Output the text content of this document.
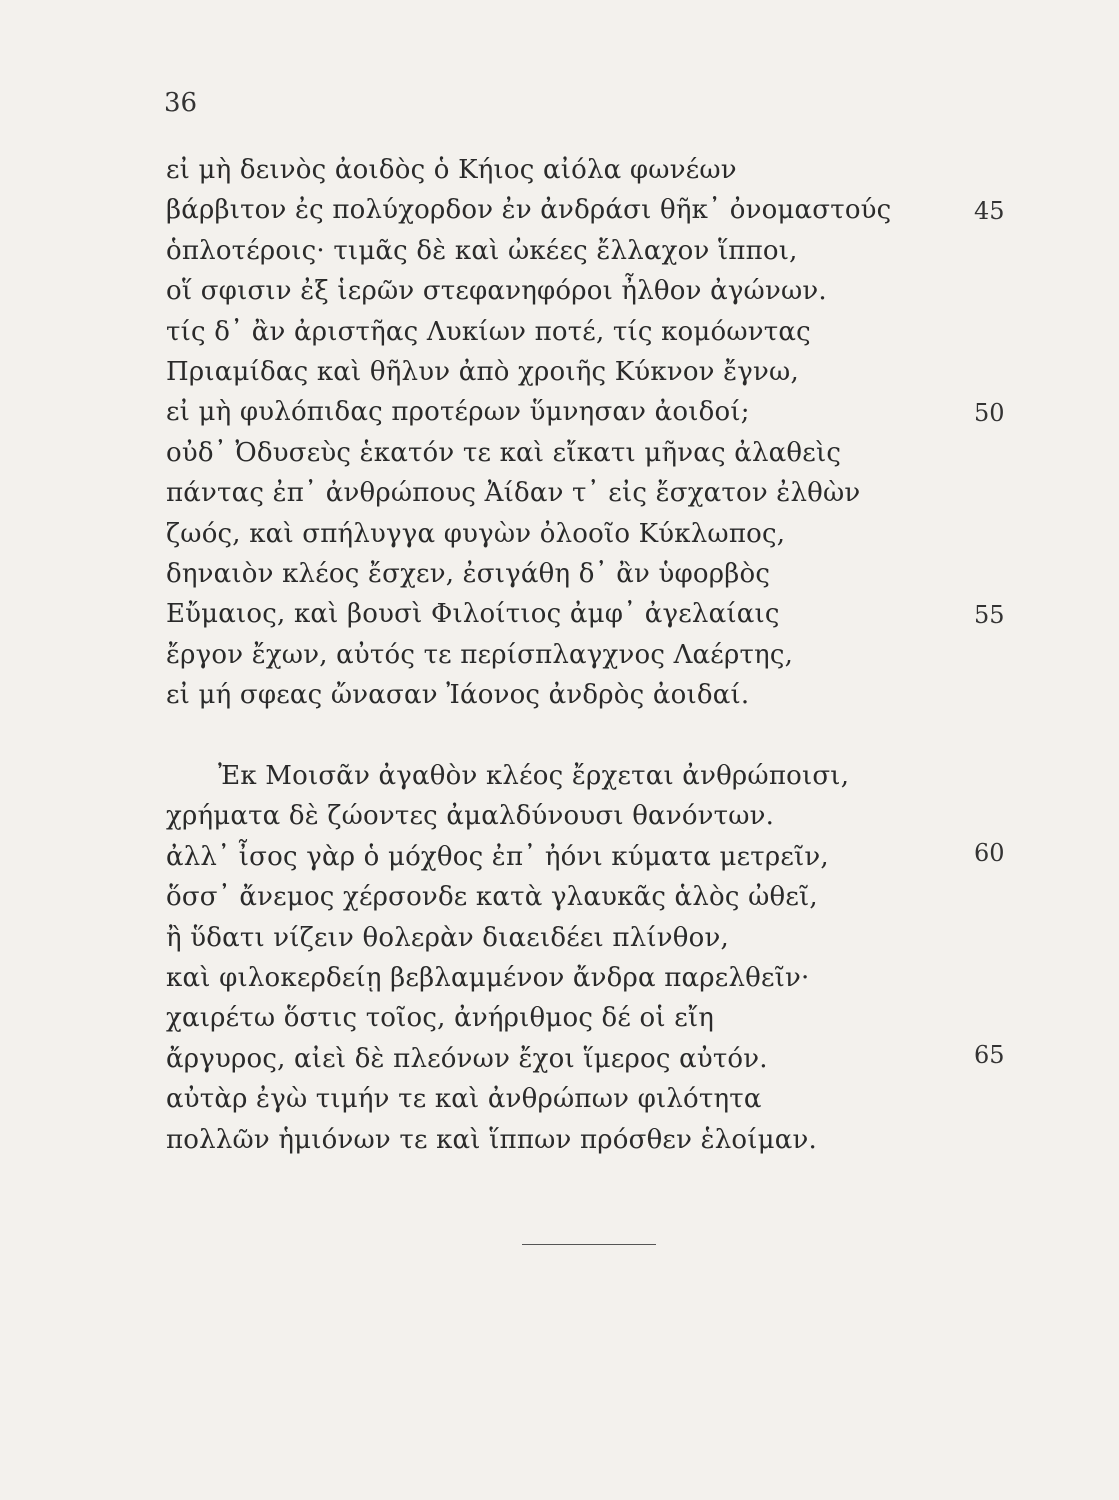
36
εἰ μὴ δεινὸς ἀοιδὸς ὁ Κήιος αἰόλα φωνέων
βάρβιτον ἐς πολύχορδον ἐν ἀνδράσι θῆκ᾽ ὀνομαστούς
ὁπλοτέροις· τιμᾶς δὲ καὶ ὠκέες ἔλλαχον ἵπποι,
οἵ σφισιν ἐξ ἱερῶν στεφανηφόροι ἦλθον ἀγώνων.
τίς δ᾽ ἂν ἀριστῆας Λυκίων ποτέ, τίς κομόωντας
Πριαμίδας καὶ θῆλυν ἀπὸ χροιῆς Κύκνον ἔγνω,
εἰ μὴ φυλόπιδας προτέρων ὕμνησαν ἀοιδοί;
οὐδ᾽ Ὀδυσεὺς ἑκατόν τε καὶ εἴκατι μῆνας ἀλαθεὶς
πάντας ἐπ᾽ ἀνθρώπους Ἀίδαν τ᾽ εἰς ἔσχατον ἐλθὼν
ζωός, καὶ σπήλυγγα φυγὼν ὀλοοῖο Κύκλωπος,
δηναιὸν κλέος ἔσχεν, ἐσιγάθη δ᾽ ἂν ὑφορβὸς
Εὔμαιος, καὶ βουσὶ Φιλοίτιος ἀμφ᾽ ἀγελαίαις
ἔργον ἔχων, αὐτός τε περίσπλαγχνος Λαέρτης,
εἰ μή σφεας ὤνασαν Ἰάονος ἀνδρὸς ἀοιδαί.
Ἐκ Μοισᾶν ἀγαθὸν κλέος ἔρχεται ἀνθρώποισι,
χρήματα δὲ ζώοντες ἀμαλδύνουσι θανόντων.
ἀλλ᾽ ἶσος γὰρ ὁ μόχθος ἐπ᾽ ἠόνι κύματα μετρεῖν,
ὅσσ᾽ ἄνεμος χέρσονδε κατὰ γλαυκᾶς ἁλὸς ὠθεῖ,
ἢ ὕδατι νίζειν θολερὰν διαειδέει πλίνθον,
καὶ φιλοκερδείῃ βεβλαμμένον ἄνδρα παρελθεῖν·
χαιρέτω ὅστις τοῖος, ἀνήριθμος δέ οἱ εἴη
ἄργυρος, αἰεὶ δὲ πλεόνων ἔχοι ἵμερος αὐτόν.
αὐτὰρ ἐγὼ τιμήν τε καὶ ἀνθρώπων φιλότητα
πολλῶν ἡμιόνων τε καὶ ἵππων πρόσθεν ἑλοίμαν.
45
50
55
60
65
